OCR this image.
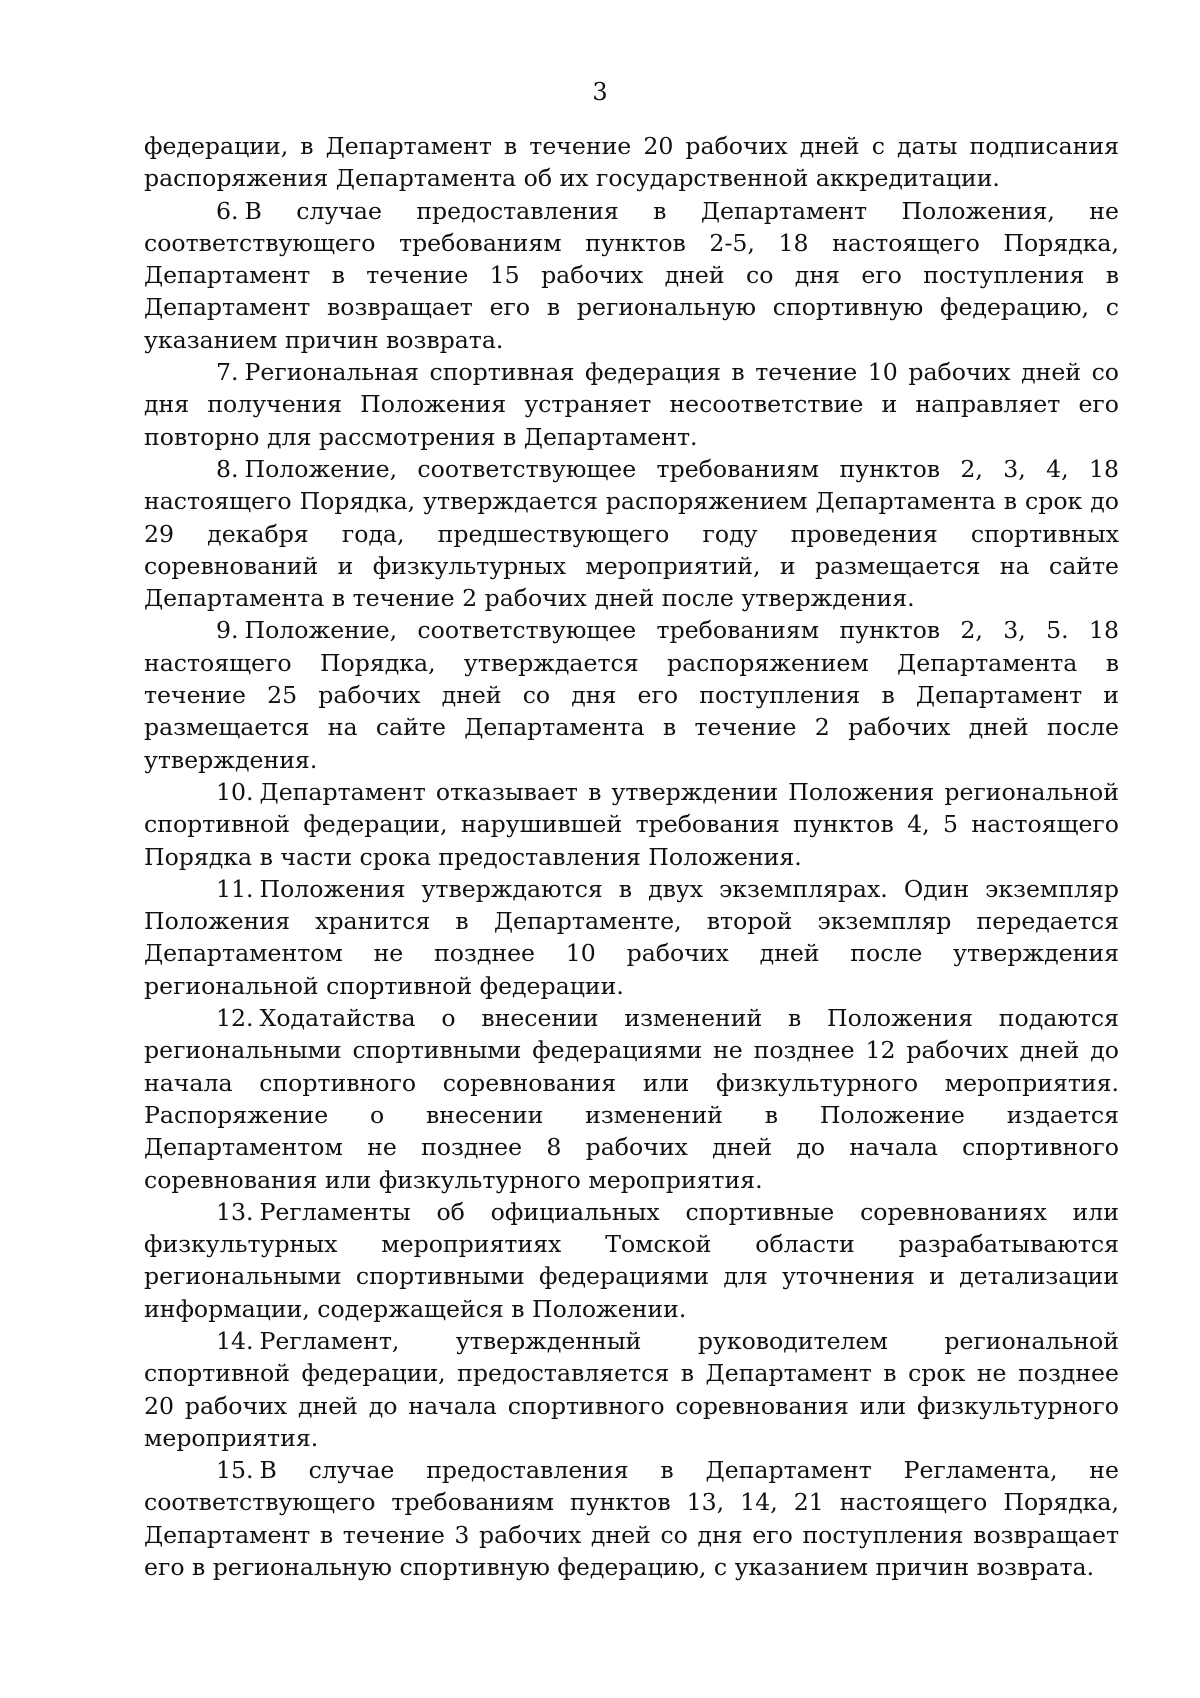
3

федерации, в Департамент в течение 20 рабочих дней с даты подписания распоряжения Департамента об их государственной аккредитации.

6. В случае предоставления в Департамент Положения, не соответствующего требованиям пунктов 2-5, 18 настоящего Порядка, Департамент в течение 15 рабочих дней со дня его поступления в Департамент возвращает его в региональную спортивную федерацию, с указанием причин возврата.

7. Региональная спортивная федерация в течение 10 рабочих дней со дня получения Положения устраняет несоответствие и направляет его повторно для рассмотрения в Департамент.

8. Положение, соответствующее требованиям пунктов 2, 3, 4, 18 настоящего Порядка, утверждается распоряжением Департамента в срок до 29 декабря года, предшествующего году проведения спортивных соревнований и физкультурных мероприятий, и размещается на сайте Департамента в течение 2 рабочих дней после утверждения.

9. Положение, соответствующее требованиям пунктов 2, 3, 5. 18 настоящего Порядка, утверждается распоряжением Департамента в течение 25 рабочих дней со дня его поступления в Департамент и размещается на сайте Департамента в течение 2 рабочих дней после утверждения.

10. Департамент отказывает в утверждении Положения региональной спортивной федерации, нарушившей требования пунктов 4, 5 настоящего Порядка в части срока предоставления Положения.

11. Положения утверждаются в двух экземплярах. Один экземпляр Положения хранится в Департаменте, второй экземпляр передается Департаментом не позднее 10 рабочих дней после утверждения региональной спортивной федерации.

12. Ходатайства о внесении изменений в Положения подаются региональными спортивными федерациями не позднее 12 рабочих дней до начала спортивного соревнования или физкультурного мероприятия. Распоряжение о внесении изменений в Положение издается Департаментом не позднее 8 рабочих дней до начала спортивного соревнования или физкультурного мероприятия.

13. Регламенты об официальных спортивные соревнованиях или физкультурных мероприятиях Томской области разрабатываются региональными спортивными федерациями для уточнения и детализации информации, содержащейся в Положении.

14. Регламент, утвержденный руководителем региональной спортивной федерации, предоставляется в Департамент в срок не позднее 20 рабочих дней до начала спортивного соревнования или физкультурного мероприятия.

15. В случае предоставления в Департамент Регламента, не соответствующего требованиям пунктов 13, 14, 21 настоящего Порядка, Департамент в течение 3 рабочих дней со дня его поступления возвращает его в региональную спортивную федерацию, с указанием причин возврата.
